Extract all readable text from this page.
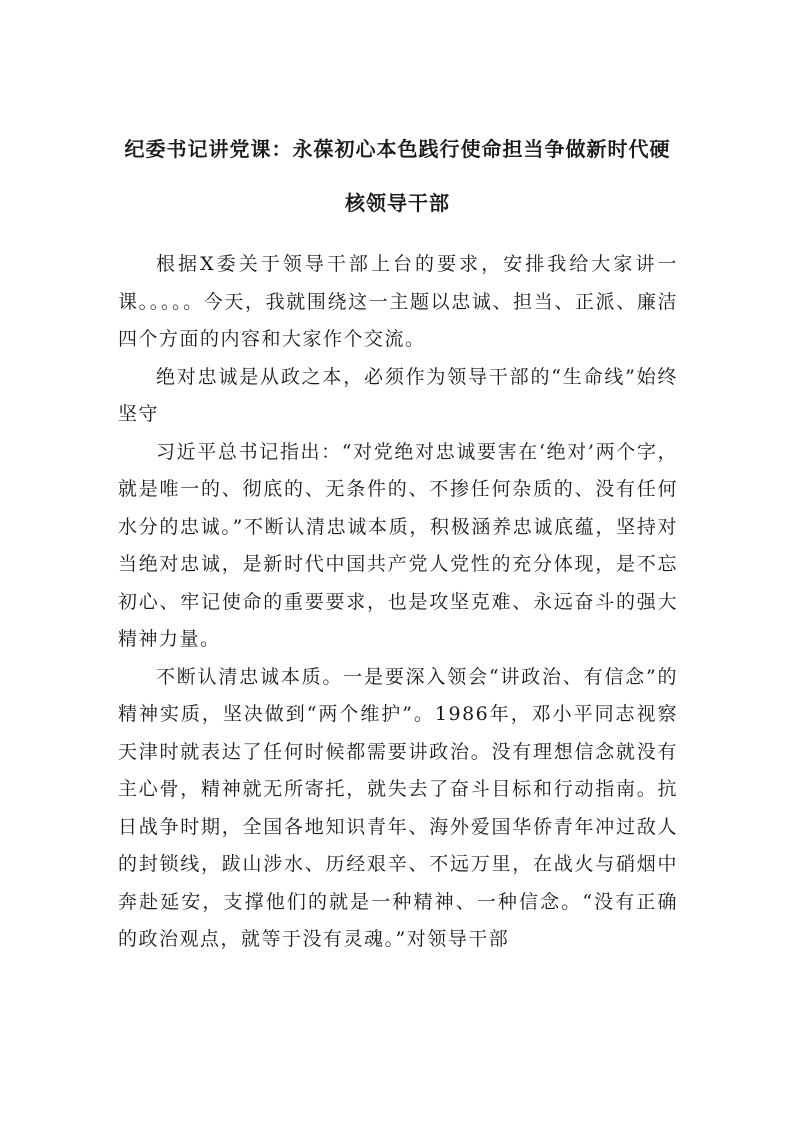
纪委书记讲党课：永葆初心本色践行使命担当争做新时代硬
核领导干部

根据X委关于领导干部上台的要求，安排我给大家讲一课。。。。。今天，我就围绕这一主题以忠诚、担当、正派、廉洁四个方面的内容和大家作个交流。

绝对忠诚是从政之本，必须作为领导干部的“生命线”始终坚守

习近平总书记指出：“对党绝对忠诚要害在‘绝对’两个字，就是唯一的、彻底的、无条件的、不掺任何杂质的、没有任何水分的忠诚。”不断认清忠诚本质，积极涵养忠诚底蕴，坚持对当绝对忠诚，是新时代中国共产党人党性的充分体现，是不忘初心、牢记使命的重要要求，也是攻坚克难、永远奋斗的强大精神力量。

不断认清忠诚本质。一是要深入领会“讲政治、有信念”的精神实质，坚决做到“两个维护”。1986年，邓小平同志视察天津时就表达了任何时候都需要讲政治。没有理想信念就没有主心骨，精神就无所寄托，就失去了奋斗目标和行动指南。抗日战争时期，全国各地知识青年、海外爱国华侨青年冲过敌人的封锁线，跋山涉水、历经艰辛、不远万里，在战火与硝烟中奔赴延安，支撑他们的就是一种精神、一种信念。“没有正确的政治观点，就等于没有灵魂。”对领导干部
